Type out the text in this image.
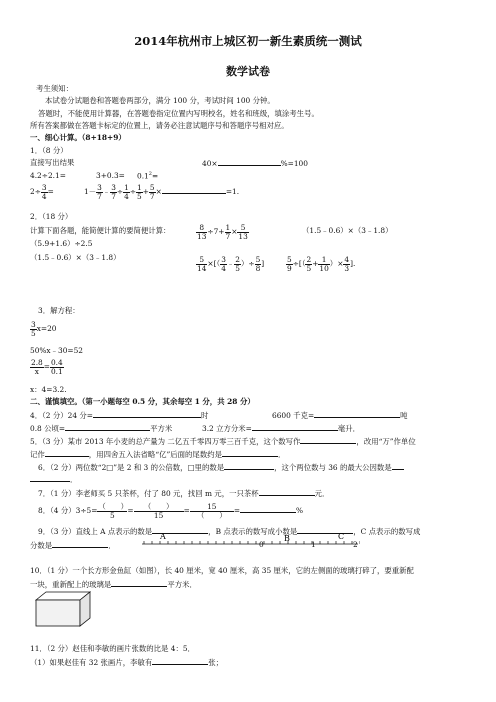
2014年杭州市上城区初一新生素质统一测试
数学试卷
考生须知：
本试卷分试题卷和答题卷两部分，满分 100 分，考试时间 100 分钟。
答题时，不能使用计算器，在答题卷指定位置内写明校名，姓名和班级，填涂考生号。
所有答案都做在答题卡标定的位置上，请务必注意试题序号和答题序号相对应。
一、细心计算。（8+18+9）
1．（8 分）
直接写出结果	40×	%=100
4.2÷2.1=	$3+0.3= 0.1^2=$
$2\div \frac{3}{4}$ =	$1- \frac{3}{7}$ ﹣ $\frac{3}{7} \div \frac{1}{4} \div \frac{1}{5} + \frac{5}{7}$ ×	=1.
2．（18 分）
计算下面各题，能简便计算的要简便计算：	$\frac{8}{13} \div 7+ \frac{1}{7} \times \frac{5}{13}$	（1.5﹣0.6）×（3﹣1.8）
（5.9+1.6）÷2.5
（1.5﹣0.6）×（3﹣1.8）	$\frac{5}{14}$ ×[（ $\frac{3}{4}$ ﹣ $\frac{2}{5}$ ）÷ $\frac{5}{8}$ ]	$\frac{5}{9}$ ÷[（ $\frac{2}{5} + \frac{1}{10}$ ）× $\frac{4}{3}$ ].
3．解方程：
$\frac{3}{5} x=20$
50%x﹣30=52
$\frac{2.8}{x} = \frac{0.4}{0.1}$
x：4=3.2.
二、谨慎填空。（第一小题每空 0.5 分，其余每空 1 分，共 28 分）
4．（2 分）24 分=	时	6600 千克=	吨
0.8 公顷=	平方米	3.2 立方分米=	毫升．
5．（3 分）某市 2013 年小麦的总产量为 二亿五千零四万零三百千克，这个数写作	，改用“万”作单位
记作	，用四舍五入法省略“亿”后面的尾数约是	．
6．（2 分）两位数“2□”是 2 和 3 的公倍数，□里的数是	，这个两位数与 36 的最大公因数是
．
7．（1 分）李老师买 5 只茶杯，付了 80 元，找回 m 元，一只茶杯	元．
8．（4 分）3÷5= （　　）
5	=	（　　）
15	=	15
（　　） =	%
9．（3 分）直线上 A 点表示的数是	，B 点表示的数写成小数是	，C 点表示的数写成
A	B	C
分数是	．	0	1	2
10．（1 分）一个长方形金鱼缸（如图），长 40 厘米，宽 40 厘米，高 35 厘米，它的左侧面的玻璃打碎了，要重新配
一块，重新配上的玻璃是	平方米．
11．（2 分）赵佳和李敏的画片张数的比是 4：5．
（1）如果赵佳有 32 张画片，李敏有	张；
